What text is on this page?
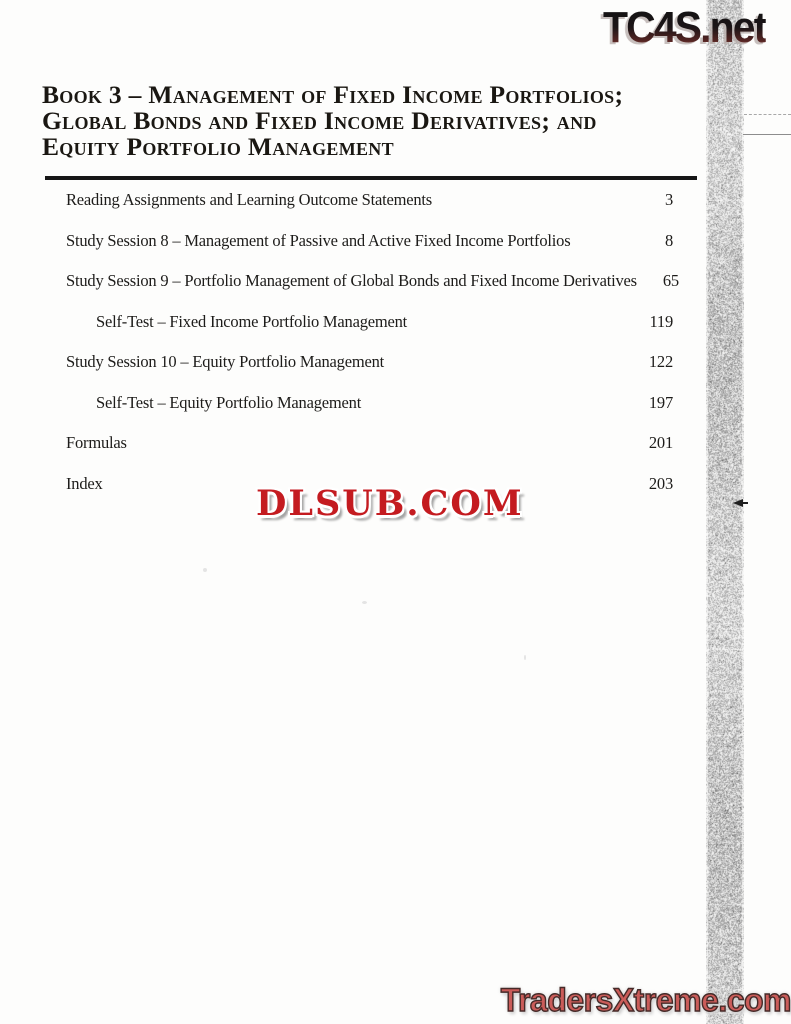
TC4S.net
Book 3 – Management of Fixed Income Portfolios;
Global Bonds and Fixed Income Derivatives; and
Equity Portfolio Management
Reading Assignments and Learning Outcome Statements	3
Study Session 8 – Management of Passive and Active Fixed Income Portfolios	8
Study Session 9 – Portfolio Management of Global Bonds and Fixed Income Derivatives	65
Self-Test – Fixed Income Portfolio Management	119
Study Session 10 – Equity Portfolio Management	122
Self-Test – Equity Portfolio Management	197
Formulas	201
Index	203
DLSUB.COM
TradersXtreme.com
